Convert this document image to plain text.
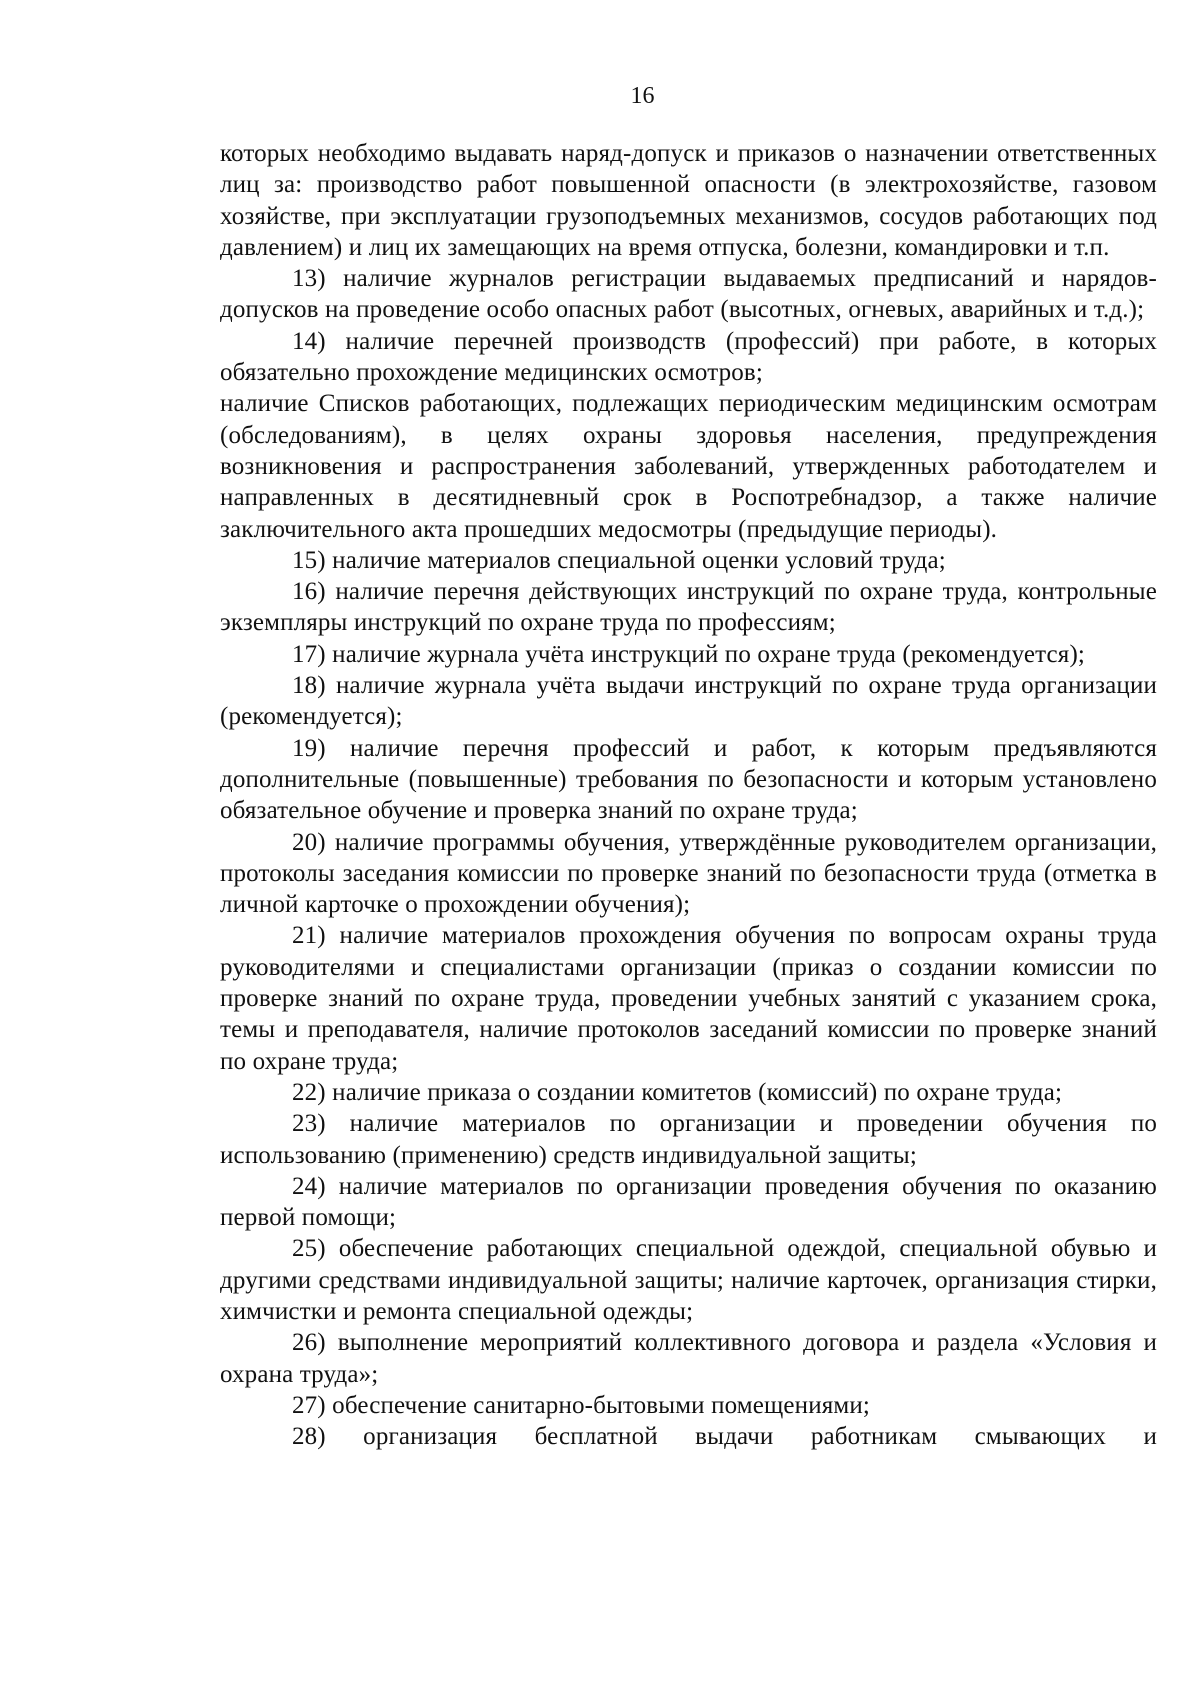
16

которых необходимо выдавать наряд-допуск и приказов о назначении ответственных лиц за: производство работ повышенной опасности (в электрохозяйстве, газовом хозяйстве, при эксплуатации грузоподъемных механизмов, сосудов работающих под давлением) и лиц их замещающих на время отпуска, болезни, командировки и т.п.

13) наличие журналов регистрации выдаваемых предписаний и нарядов-допусков на проведение особо опасных работ (высотных, огневых, аварийных и т.д.);

14) наличие перечней производств (профессий) при работе, в которых обязательно прохождение медицинских осмотров;

наличие Списков работающих, подлежащих периодическим медицинским осмотрам (обследованиям), в целях охраны здоровья населения, предупреждения возникновения и распространения заболеваний, утвержденных работодателем и направленных в десятидневный срок в Роспотребнадзор, а также наличие заключительного акта прошедших медосмотры (предыдущие периоды).

15) наличие материалов специальной оценки условий труда;

16) наличие перечня действующих инструкций по охране труда, контрольные экземпляры инструкций по охране труда по профессиям;

17) наличие журнала учёта инструкций по охране труда (рекомендуется);

18) наличие журнала учёта выдачи инструкций по охране труда организации (рекомендуется);

19) наличие перечня профессий и работ, к которым предъявляются дополнительные (повышенные) требования по безопасности и которым установлено обязательное обучение и проверка знаний по охране труда;

20) наличие программы обучения, утверждённые руководителем организации, протоколы заседания комиссии по проверке знаний по безопасности труда (отметка в личной карточке о прохождении обучения);

21) наличие материалов прохождения обучения по вопросам охраны труда руководителями и специалистами организации (приказ о создании комиссии по проверке знаний по охране труда, проведении учебных занятий с указанием срока, темы и преподавателя, наличие протоколов заседаний комиссии по проверке знаний по охране труда;

22) наличие приказа о создании комитетов (комиссий) по охране труда;

23) наличие материалов по организации и проведении обучения по использованию (применению) средств индивидуальной защиты;

24) наличие материалов по организации проведения обучения по оказанию первой помощи;

25) обеспечение работающих специальной одеждой, специальной обувью и другими средствами индивидуальной защиты; наличие карточек, организация стирки, химчистки и ремонта специальной одежды;

26) выполнение мероприятий коллективного договора и раздела «Условия и охрана труда»;

27) обеспечение санитарно-бытовыми помещениями;

28) организация бесплатной выдачи работникам смывающих и
